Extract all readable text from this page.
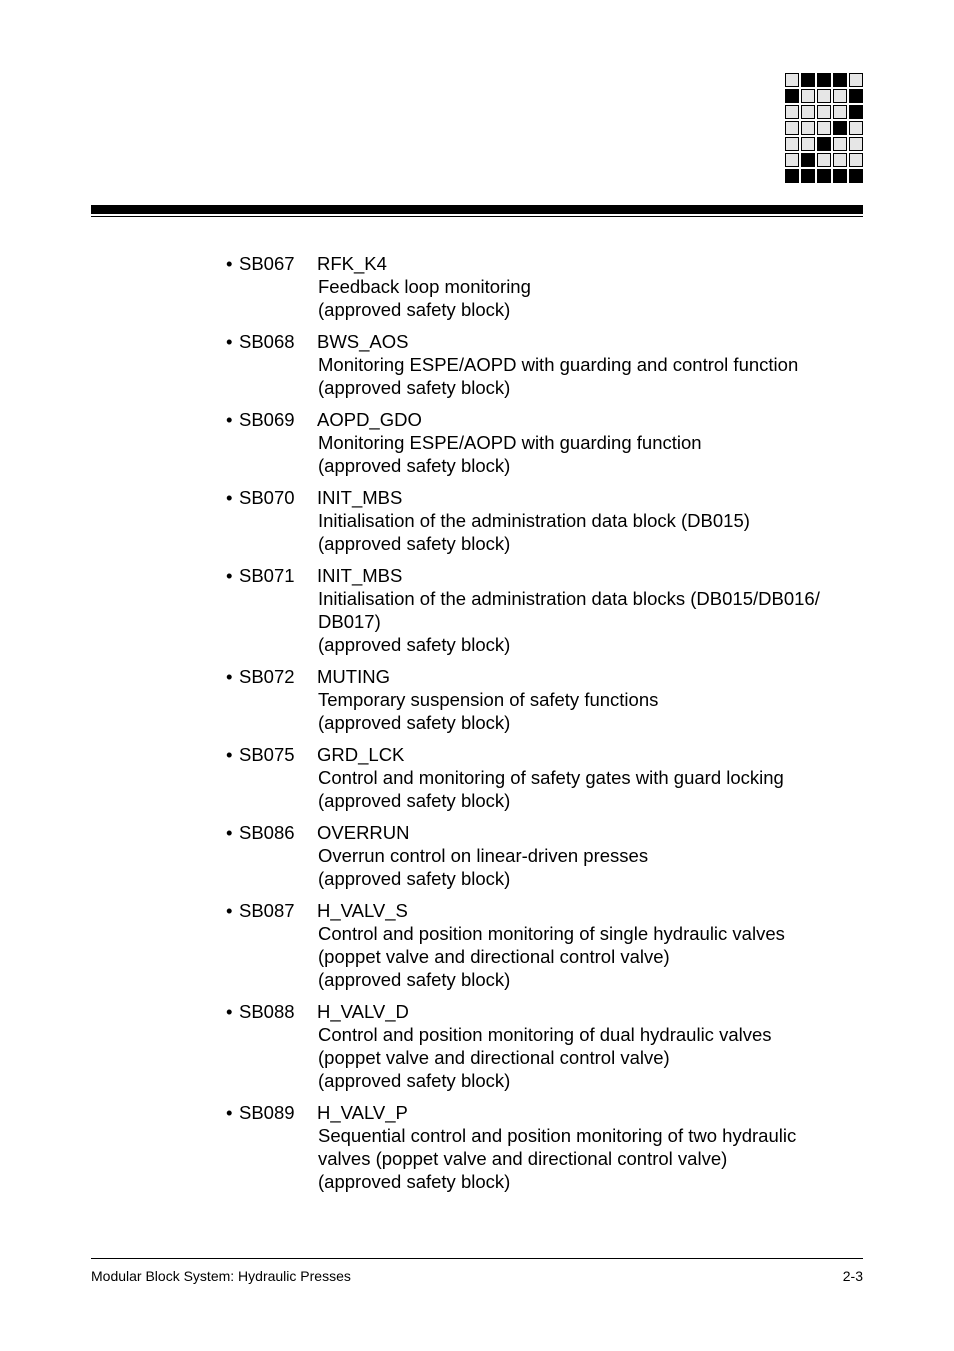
• SB067	RFK_K4
Feedback loop monitoring
(approved safety block)
• SB068	BWS_AOS
Monitoring ESPE/AOPD with guarding and control function
(approved safety block)
• SB069	AOPD_GDO
Monitoring ESPE/AOPD with guarding function
(approved safety block)
• SB070	INIT_MBS
Initialisation of the administration data block (DB015)
(approved safety block)
• SB071	INIT_MBS
Initialisation of the administration data blocks (DB015/DB016/
DB017)
(approved safety block)
• SB072	MUTING
Temporary suspension of safety functions
(approved safety block)
• SB075	GRD_LCK
Control and monitoring of safety gates with guard locking
(approved safety block)
• SB086	OVERRUN
Overrun control on linear-driven presses
(approved safety block)
• SB087	H_VALV_S
Control and position monitoring of single hydraulic valves
(poppet valve and directional control valve)
(approved safety block)
• SB088	H_VALV_D
Control and position monitoring of dual hydraulic valves
(poppet valve and directional control valve)
(approved safety block)
• SB089	H_VALV_P
Sequential control and position monitoring of two hydraulic
valves (poppet valve and directional control valve)
(approved safety block)
Modular Block System: Hydraulic Presses	2-3
